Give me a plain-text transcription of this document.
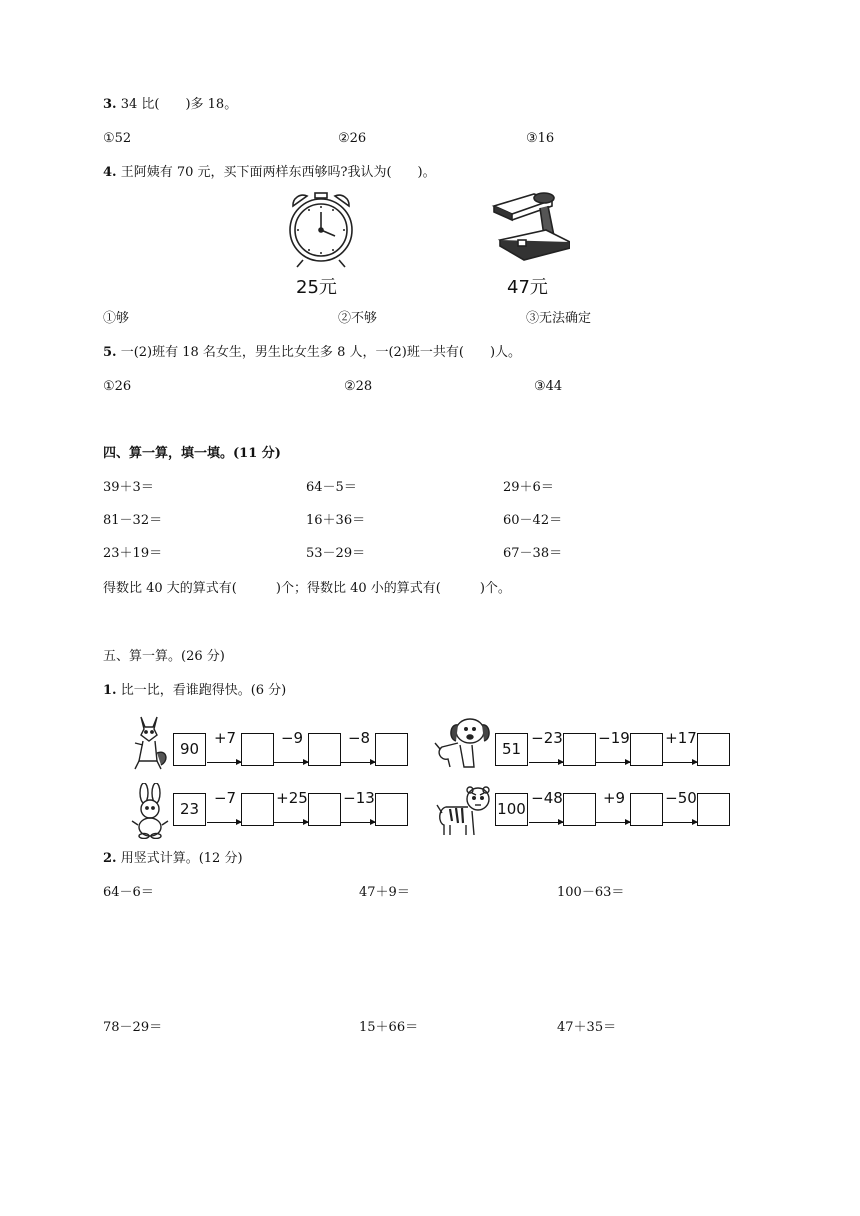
3. 34 比(　　)多 18。
①52	②26	③16
4. 王阿姨有 70 元，买下面两样东西够吗?我认为(　　)。
25元	47元
①够	②不够	③无法确定
5. 一(2)班有 18 名女生，男生比女生多 8 人，一(2)班一共有(　　)人。
①26	②28	③44
四、算一算，填一填。(11 分)
39＋3＝	64－5＝	29＋6＝
81－32＝	16＋36＝	60－42＝
23＋19＝	53－29＝	67－38＝
得数比 40 大的算式有(　　　)个；得数比 40 小的算式有(　　　)个。
五、算一算。(26 分)
1. 比一比，看谁跑得快。(6 分)
90
+7	−9	−8
51
−23 −19 +17
23
−7	+25 −13
100
−48	+9	−50
2. 用竖式计算。(12 分)
64－6＝	47＋9＝	100－63＝
78－29＝	15＋66＝	47＋35＝
